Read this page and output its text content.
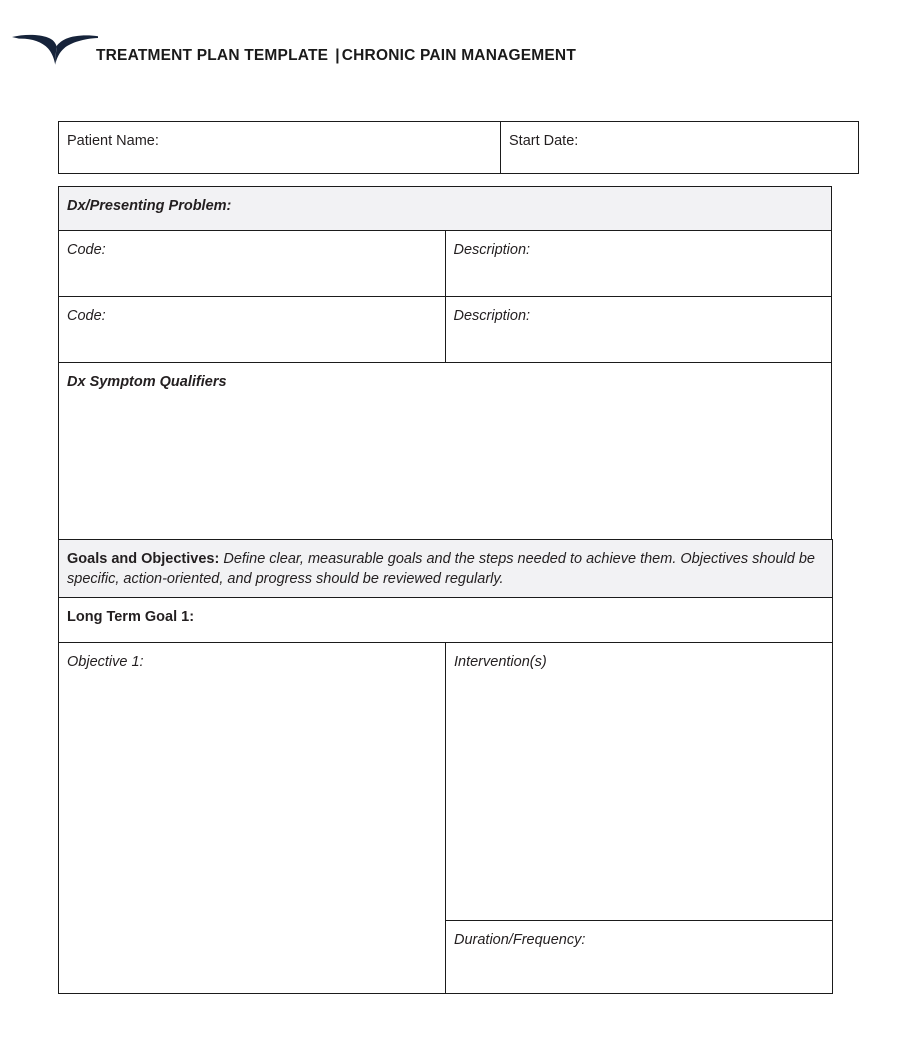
TREATMENT PLAN TEMPLATE | CHRONIC PAIN MANAGEMENT
Patient Name:	Start Date:
Dx/Presenting Problem:	
Code:	Description:
Code:	Description:
Dx Symptom Qualifiers	
Goals and Objectives: Define clear, measurable goals and the steps needed to achieve them. Objectives should be specific, action-oriented, and progress should be reviewed regularly.
Long Term Goal 1:
Objective 1:	Intervention(s)
Duration/Frequency:
